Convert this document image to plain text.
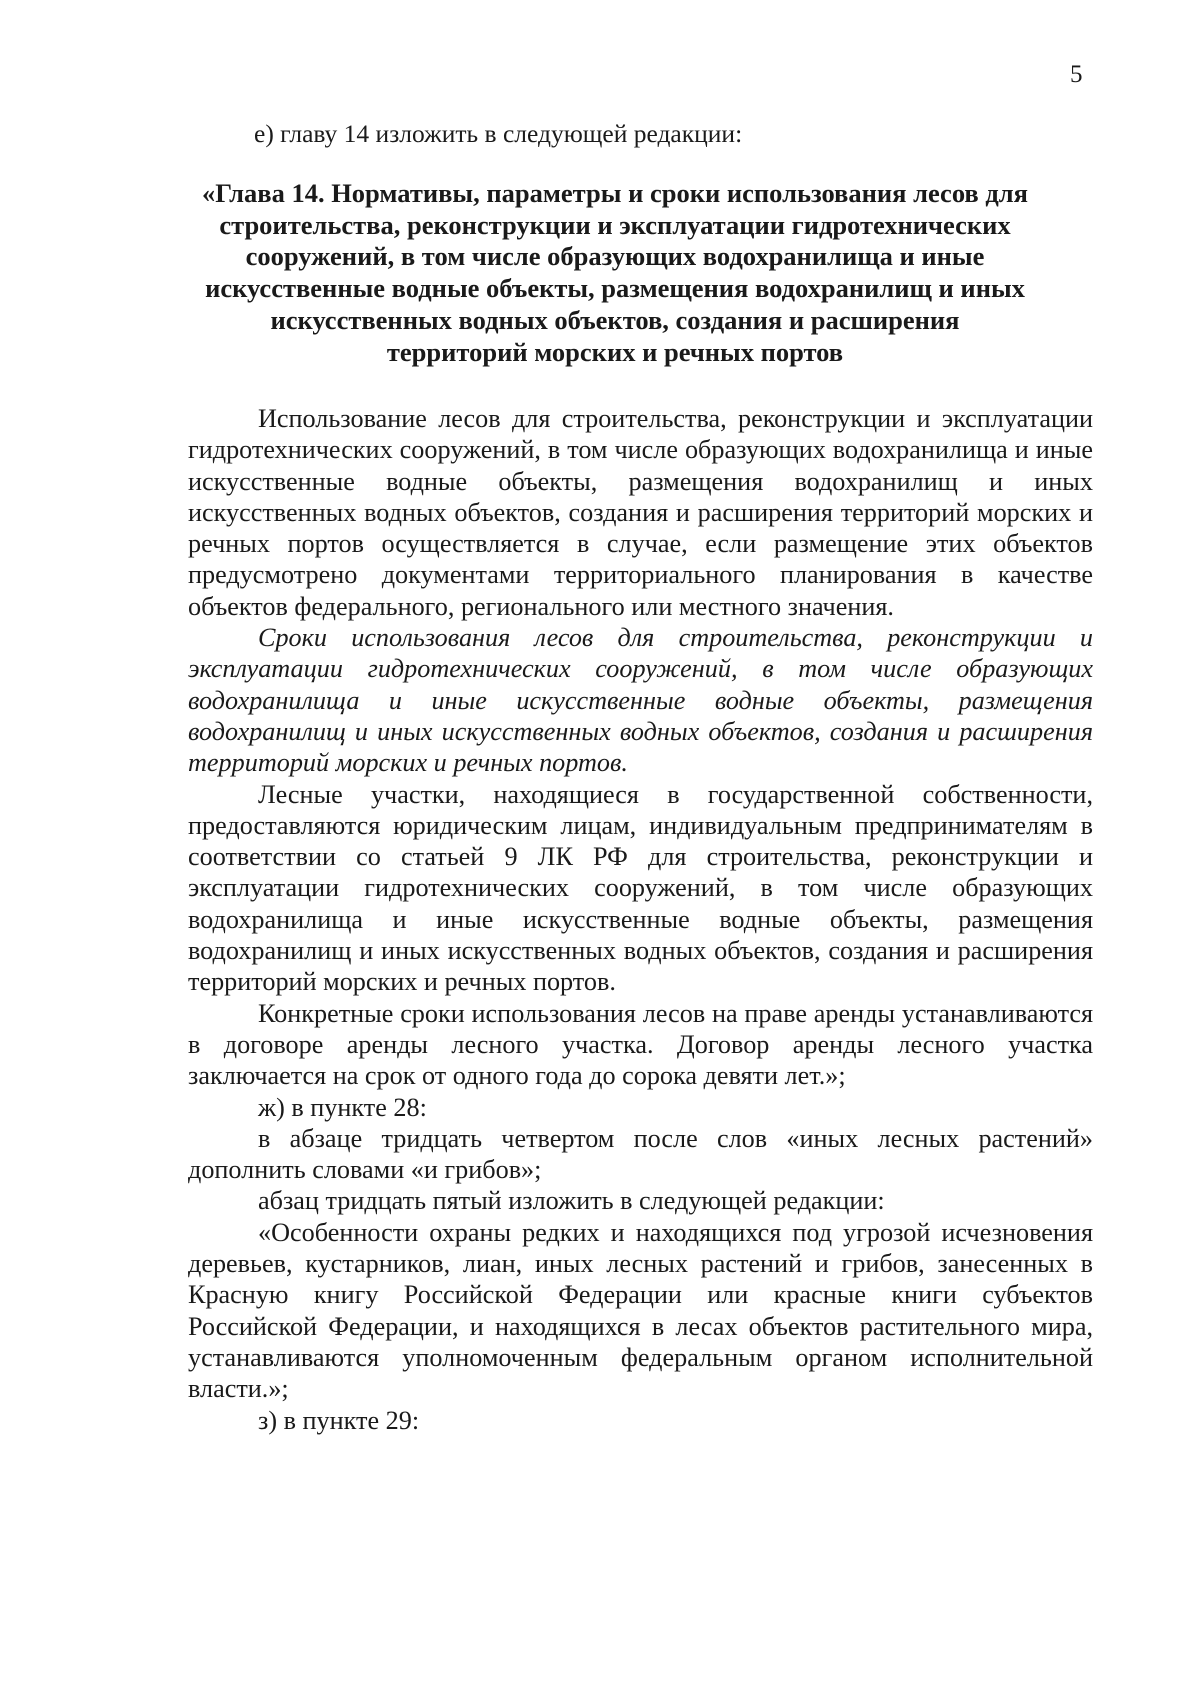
5

е) главу 14 изложить в следующей редакции:

«Глава 14. Нормативы, параметры и сроки использования лесов для
строительства, реконструкции и эксплуатации гидротехнических
сооружений, в том числе образующих водохранилища и иные
искусственные водные объекты, размещения водохранилищ и иных
искусственных водных объектов, создания и расширения
территорий морских и речных портов

Использование лесов для строительства, реконструкции и эксплуатации гидротехнических сооружений, в том числе образующих водохранилища и иные искусственные водные объекты, размещения водохранилищ и иных искусственных водных объектов, создания и расширения территорий морских и речных портов осуществляется в случае, если размещение этих объектов предусмотрено документами территориального планирования в качестве объектов федерального, регионального или местного значения.

Сроки использования лесов для строительства, реконструкции и эксплуатации гидротехнических сооружений, в том числе образующих водохранилища и иные искусственные водные объекты, размещения водохранилищ и иных искусственных водных объектов, создания и расширения территорий морских и речных портов.

Лесные участки, находящиеся в государственной собственности, предоставляются юридическим лицам, индивидуальным предпринимателям в соответствии со статьей 9 ЛК РФ для строительства, реконструкции и эксплуатации гидротехнических сооружений, в том числе образующих водохранилища и иные искусственные водные объекты, размещения водохранилищ и иных искусственных водных объектов, создания и расширения территорий морских и речных портов.

Конкретные сроки использования лесов на праве аренды устанавливаются в договоре аренды лесного участка. Договор аренды лесного участка заключается на срок от одного года до сорока девяти лет.»;

ж) в пункте 28:

в абзаце тридцать четвертом после слов «иных лесных растений» дополнить словами «и грибов»;

абзац тридцать пятый изложить в следующей редакции:

«Особенности охраны редких и находящихся под угрозой исчезновения деревьев, кустарников, лиан, иных лесных растений и грибов, занесенных в Красную книгу Российской Федерации или красные книги субъектов Российской Федерации, и находящихся в лесах объектов растительного мира, устанавливаются уполномоченным федеральным органом исполнительной власти.»;

з) в пункте 29:
